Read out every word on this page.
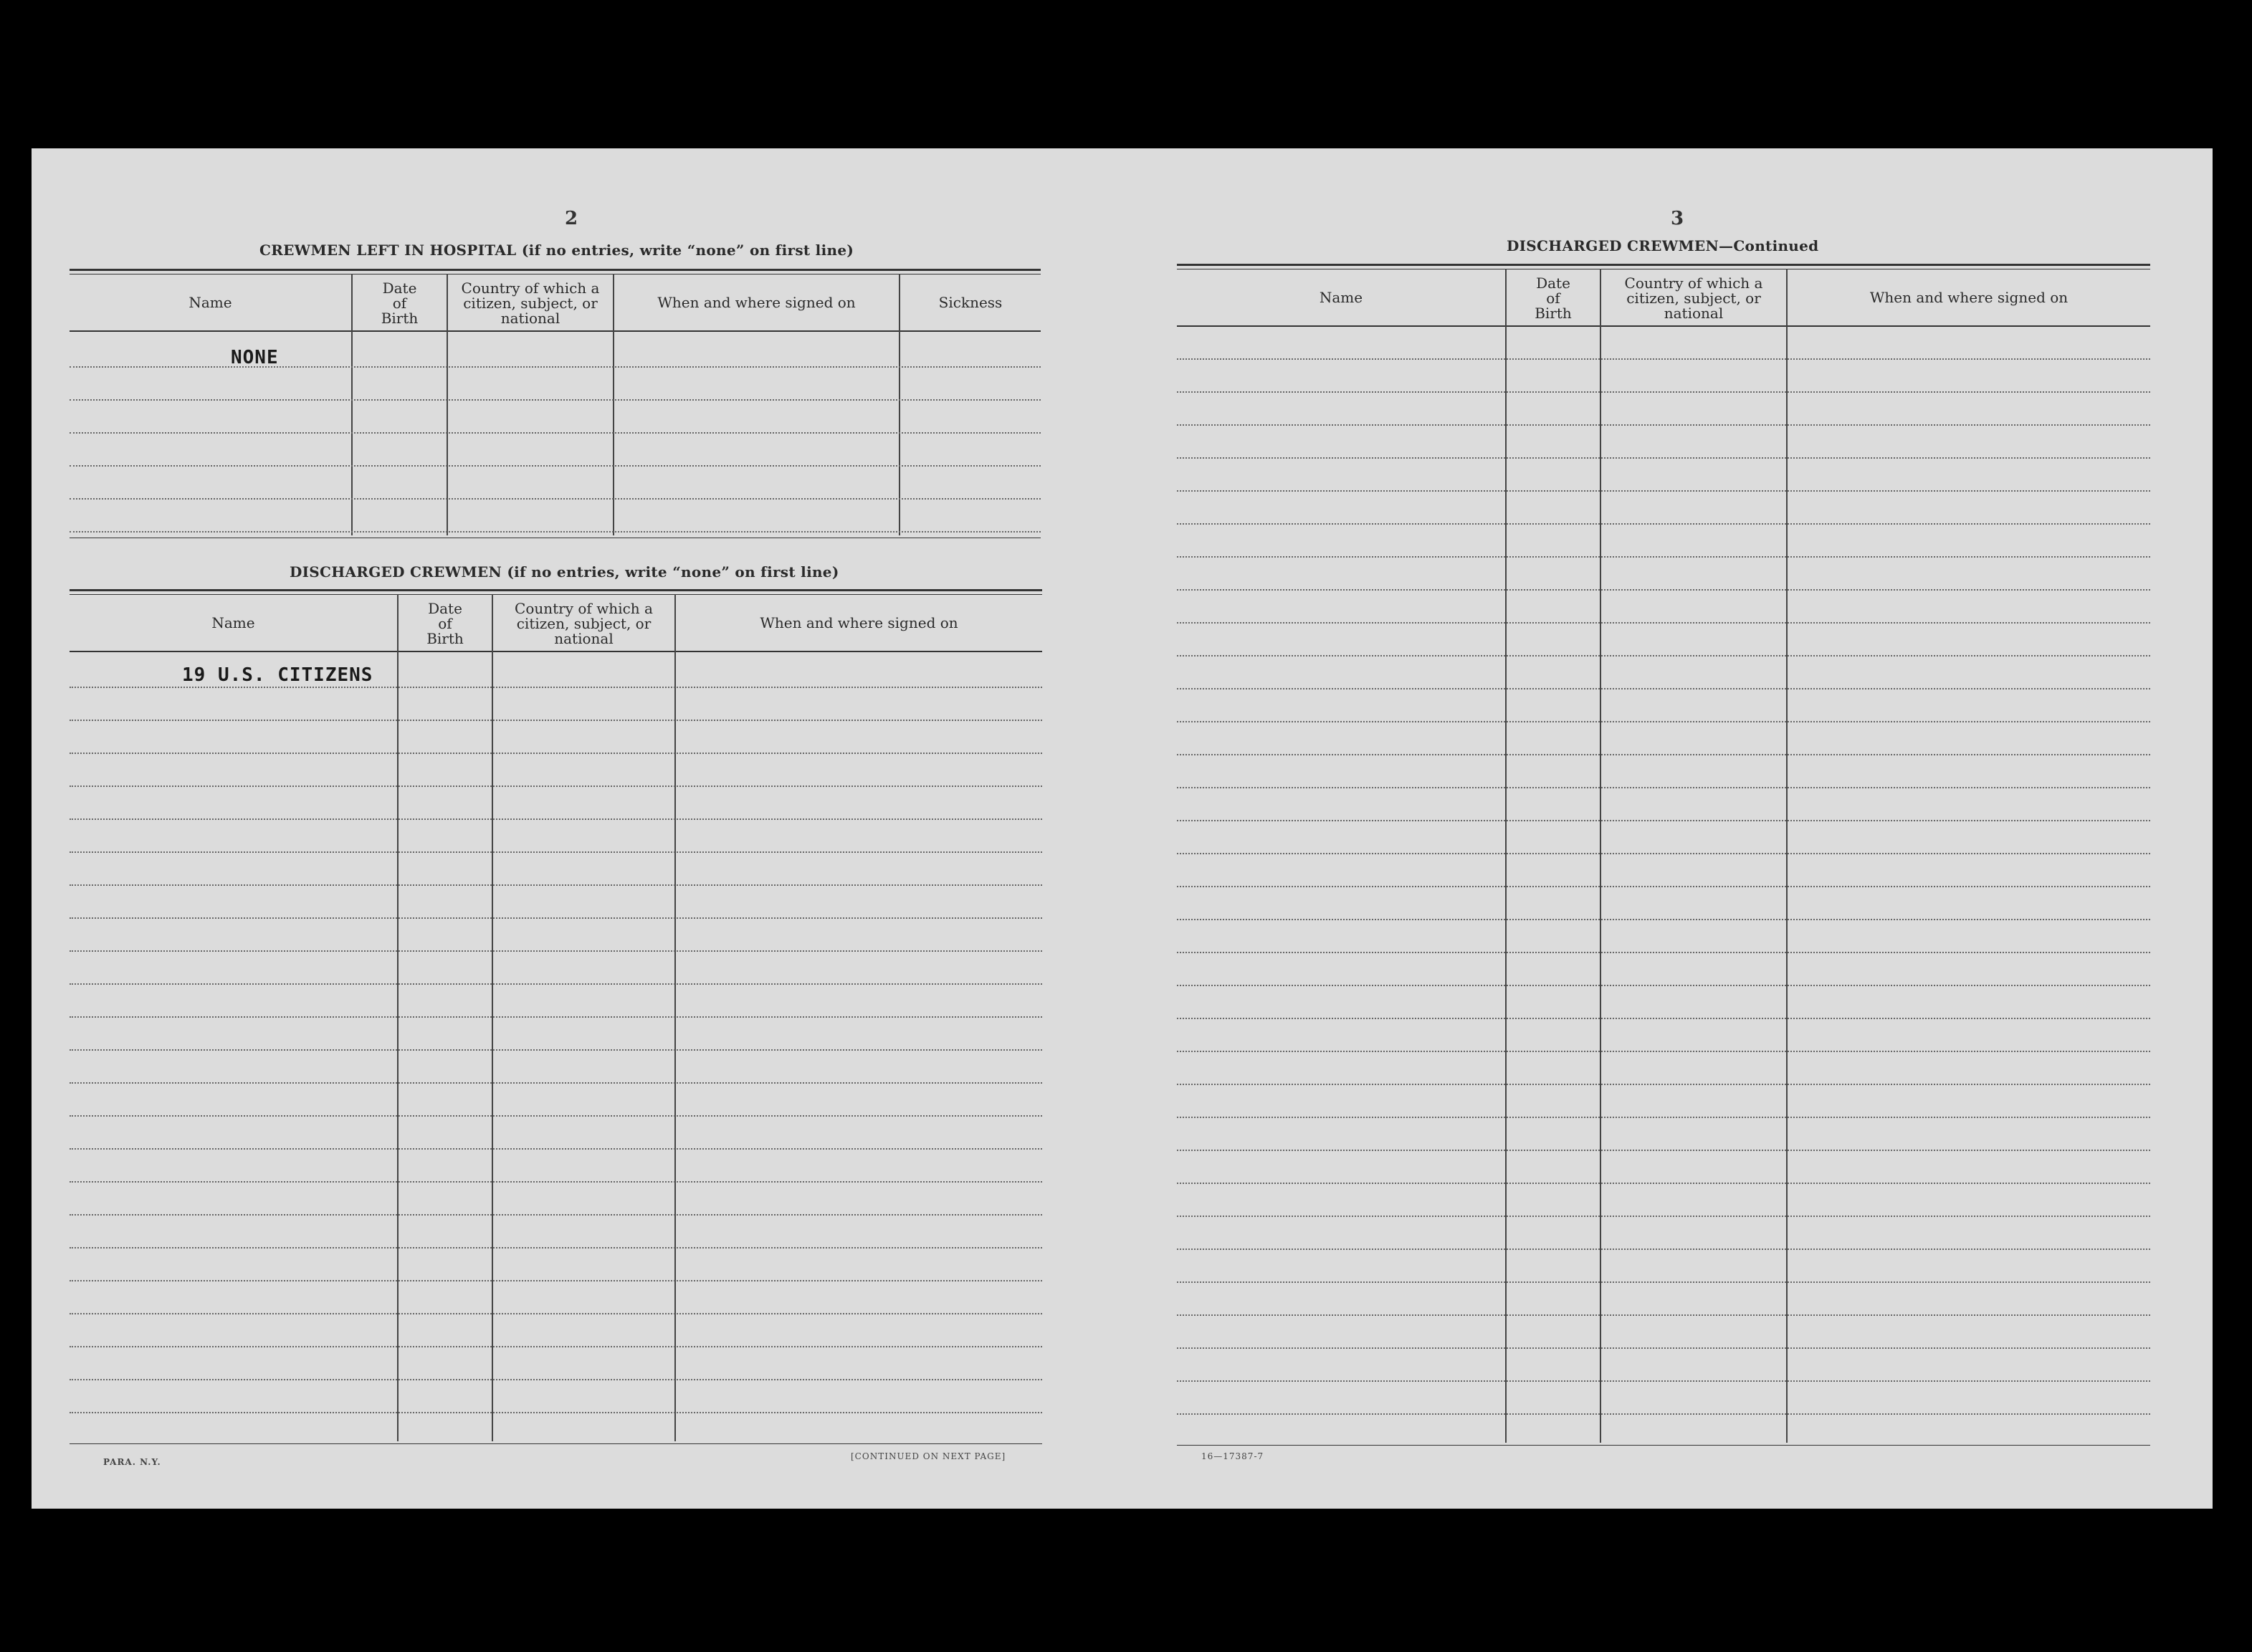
2
CREWMEN LEFT IN HOSPITAL (if no entries, write “none” on first line)
Name
Date
of
Birth
Country of which a
citizen, subject, or
national
When and where signed on	Sickness
NONE
DISCHARGED CREWMEN (if no entries, write “none” on first line)
Name
Date
of
Birth
Country of which a
citizen, subject, or
national
When and where signed on
19 U.S. CITIZENS
PARA. N.Y.
[CONTINUED ON NEXT PAGE]
3
DISCHARGED CREWMEN—Continued
Name
Date
of
Birth
Country of which a
citizen, subject, or
national
When and where signed on
16—17387-7
